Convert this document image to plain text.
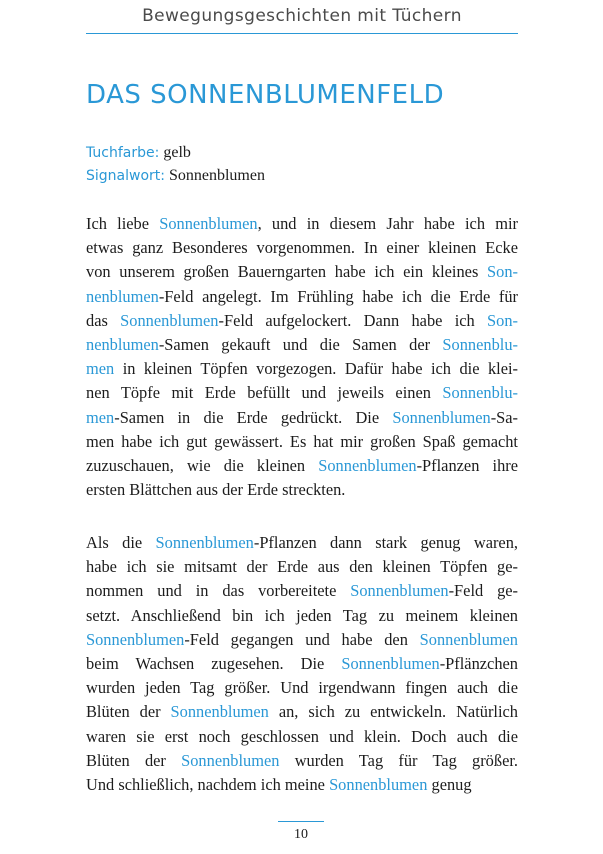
Bewegungsgeschichten mit Tüchern
DAS SONNENBLUMENFELD
Tuchfarbe: gelb
Signalwort: Sonnenblumen
Ich liebe Sonnenblumen, und in diesem Jahr habe ich mir
etwas ganz Besonderes vorgenommen. In einer kleinen Ecke
von unserem großen Bauerngarten habe ich ein kleines Son-
nenblumen-Feld angelegt. Im Frühling habe ich die Erde für
das Sonnenblumen-Feld aufgelockert. Dann habe ich Son-
nenblumen-Samen gekauft und die Samen der Sonnenblu-
men in kleinen Töpfen vorgezogen. Dafür habe ich die klei-
nen Töpfe mit Erde befüllt und jeweils einen Sonnenblu-
men-Samen in die Erde gedrückt. Die Sonnenblumen-Sa-
men habe ich gut gewässert. Es hat mir großen Spaß gemacht
zuzuschauen, wie die kleinen Sonnenblumen-Pflanzen ihre
ersten Blättchen aus der Erde streckten.
Als die Sonnenblumen-Pflanzen dann stark genug waren,
habe ich sie mitsamt der Erde aus den kleinen Töpfen ge-
nommen und in das vorbereitete Sonnenblumen-Feld ge-
setzt. Anschließend bin ich jeden Tag zu meinem kleinen
Sonnenblumen-Feld gegangen und habe den Sonnenblumen
beim Wachsen zugesehen. Die Sonnenblumen-Pflänzchen
wurden jeden Tag größer. Und irgendwann fingen auch die
Blüten der Sonnenblumen an, sich zu entwickeln. Natürlich
waren sie erst noch geschlossen und klein. Doch auch die
Blüten der Sonnenblumen wurden Tag für Tag größer.
Und schließlich, nachdem ich meine Sonnenblumen genug
10
